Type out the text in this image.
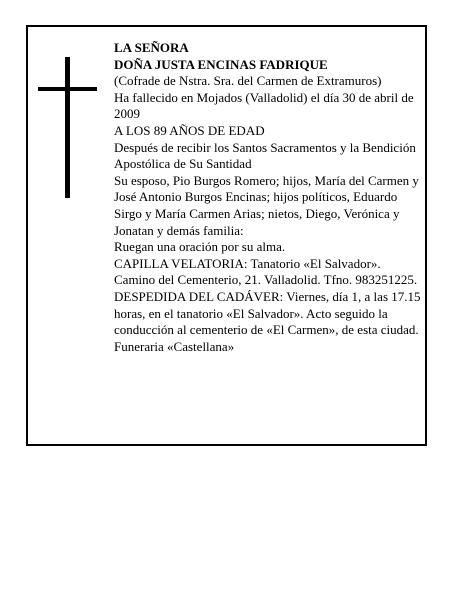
LA SEÑORA

DOÑA JUSTA ENCINAS FADRIQUE

(Cofrade de Nstra. Sra. del Carmen de Extramuros)

Ha fallecido en Mojados (Valladolid) el día 30 de abril de 2009

A LOS 89 AÑOS DE EDAD

Después de recibir los Santos Sacramentos y la Bendición Apostólica de Su Santidad

Su esposo, Pio Burgos Romero; hijos, María del Carmen y José Antonio Burgos Encinas; hijos políticos, Eduardo Sirgo y María Carmen Arias; nietos, Diego, Verónica y Jonatan y demás familia:

Ruegan una oración por su alma.

CAPILLA VELATORIA: Tanatorio «El Salvador». Camino del Cementerio, 21. Valladolid. Tfno. 983251225.

DESPEDIDA DEL CADÁVER: Viernes, día 1, a las 17.15 horas, en el tanatorio «El Salvador». Acto seguido la conducción al cementerio de «El Carmen», de esta ciudad.

Funeraria «Castellana»
